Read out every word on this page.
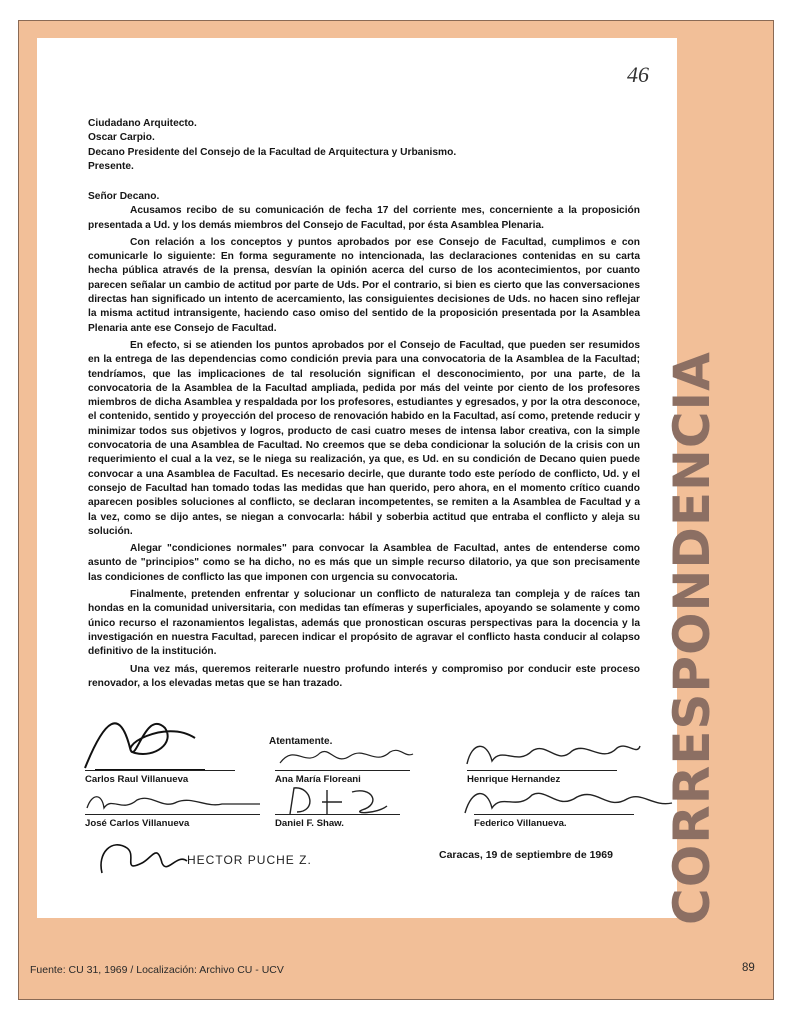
46
Ciudadano Arquitecto.
Oscar Carpio.
Decano Presidente del Consejo de la Facultad de Arquitectura y Urbanismo.
Presente.

Señor Decano.

Acusamos recibo de su comunicación de fecha 17 del corriente mes, concerniente a la proposición presentada a Ud. y los demás miembros del Consejo de Facultad, por ésta Asamblea Plenaria.

Con relación a los conceptos y puntos aprobados por ese Consejo de Facultad, cumplimos e con comunicarle lo siguiente: En forma seguramente no intencionada, las declaraciones contenidas en su carta hecha pública através de la prensa, desvían la opinión acerca del curso de los acontecimientos, por cuanto parecen señalar un cambio de actitud por parte de Uds. Por el contrario, si bien es cierto que las conversaciones directas han significado un intento de acercamiento, las consiguientes decisiones de Uds. no hacen sino reflejar la misma actitud intransigente, haciendo caso omiso del sentido de la proposición presentada por la Asamblea Plenaria ante ese Consejo de Facultad.

En efecto, si se atienden los puntos aprobados por el Consejo de Facultad, que pueden ser resumidos en la entrega de las dependencias como condición previa para una convocatoria de la Asamblea de la Facultad; tendríamos, que las implicaciones de tal resolución significan el desconocimiento, por una parte, de la convocatoria de la Asamblea de la Facultad ampliada, pedida por más del veinte por ciento de los profesores miembros de dicha Asamblea y respaldada por los profesores, estudiantes y egresados, y por la otra desconoce, el contenido, sentido y proyección del proceso de renovación habido en la Facultad, así como, pretende reducir y minimizar todos sus objetivos y logros, producto de casi cuatro meses de intensa labor creativa, con la simple convocatoria de una Asamblea de Facultad. No creemos que se deba condicionar la solución de la crisis con un requerimiento el cual a la vez, se le niega su realización, ya que, es Ud. en su condición de Decano quien puede convocar a una Asamblea de Facultad. Es necesario decirle, que durante todo este período de conflicto, Ud. y el consejo de Facultad han tomado todas las medidas que han querido, pero ahora, en el momento crítico cuando aparecen posibles soluciones al conflicto, se declaran incompetentes, se remiten a la Asamblea de Facultad y a la vez, como se dijo antes, se niegan a convocarla: hábil y soberbia actitud que entraba el conflicto y aleja su solución.

Alegar "condiciones normales" para convocar la Asamblea de Facultad, antes de entenderse como asunto de "principios" como se ha dicho, no es más que un simple recurso dilatorio, ya que son precisamente las condiciones de conflicto las que imponen con urgencia su convocatoria.

Finalmente, pretenden enfrentar y solucionar un conflicto de naturaleza tan compleja y de raíces tan hondas en la comunidad universitaria, con medidas tan efímeras y superficiales, apoyando se solamente y como único recurso el razonamientos legalistas, además que pronostican oscuras perspectivas para la docencia y la investigación en nuestra Facultad, parecen indicar el propósito de agravar el conflicto hasta conducir al colapso definitivo de la institución.

Una vez más, queremos reiterarle nuestro profundo interés y compromiso por conducir este proceso renovador, a los elevadas metas que se han trazado.

Atentamente.
Carlos Raul Villanueva	Ana María Floreani	Henrique Hernandez
José Carlos Villanueva	Daniel F. Shaw.	Federico Villanueva.
HECTOR PUCHE Z.	Caracas, 19 de septiembre de 1969 CORRESPONDENCIA
Fuente: CU 31, 1969 / Localización: Archivo CU - UCV	89
